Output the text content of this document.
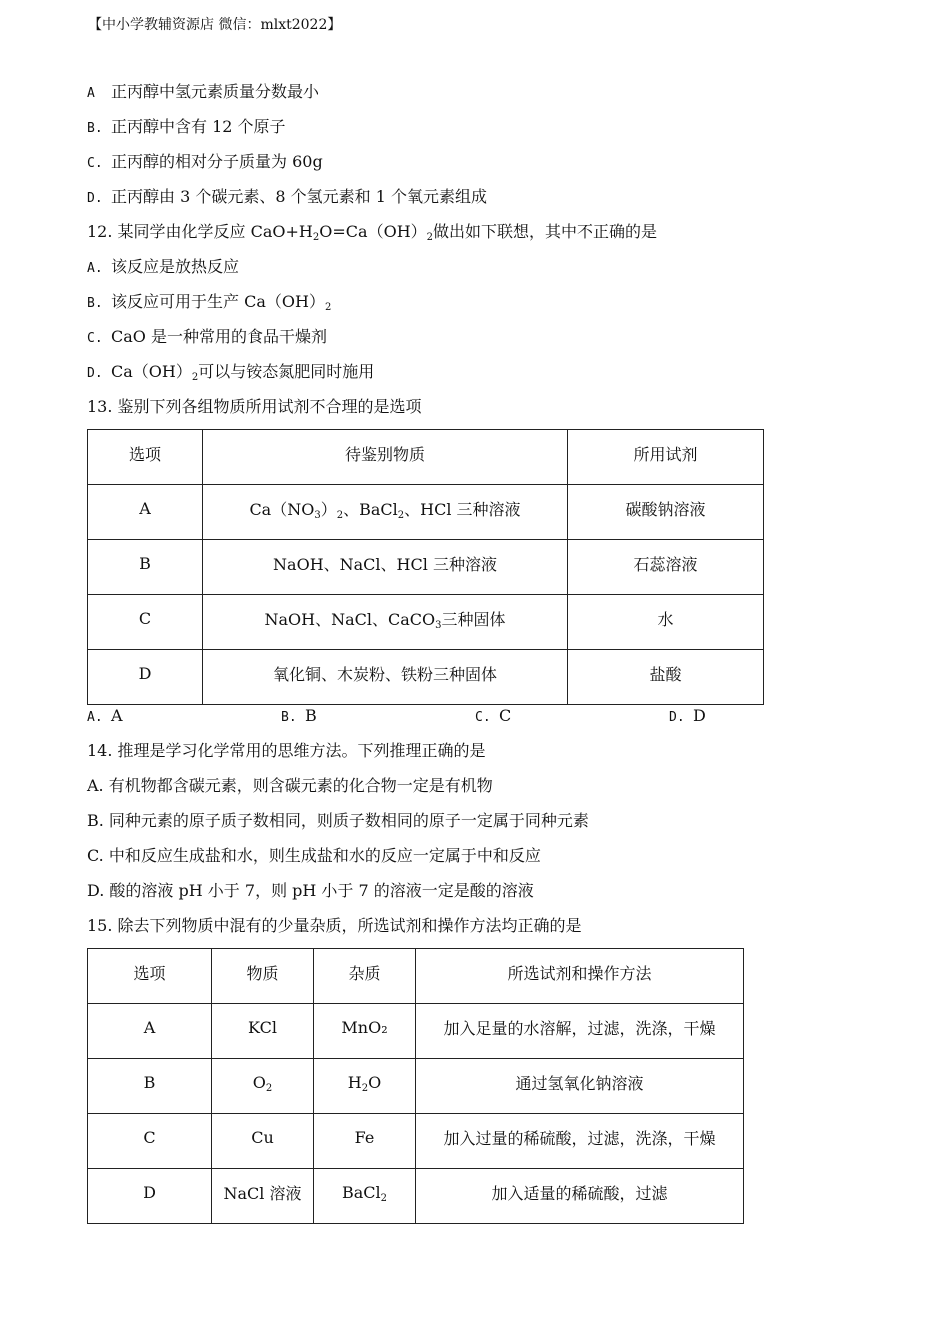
【中小学教辅资源店 微信：mlxt2022】
A 正丙醇中氢元素质量分数最小
B. 正丙醇中含有 12 个原子
C. 正丙醇的相对分子质量为 60g
D. 正丙醇由 3 个碳元素、8 个氢元素和 1 个氧元素组成
12. 某同学由化学反应 $CaO+H_2O=Ca(OH)_2$做出如下联想，其中不正确的是
A. 该反应是放热反应
B. 该反应可用于生产 $Ca(OH)_2$
C. CaO 是一种常用的食品干燥剂
D. $Ca(OH)_2$可以与铵态氮肥同时施用
13. 鉴别下列各组物质所用试剂不合理的是选项
选项	待鉴别物质	所用试剂
A	$Ca(NO_3)_2$、BaCl$_2$、HCl 三种溶液	碳酸钠溶液
B	NaOH、NaCl、HCl 三种溶液	石蕊溶液
C	NaOH、NaCl、CaCO$_3$三种固体	水
D	氧化铜、木炭粉、铁粉三种固体	盐酸
A. A	B. B	C. C	D. D
14. 推理是学习化学常用的思维方法。下列推理正确的是
A. 有机物都含碳元素，则含碳元素的化合物一定是有机物
B. 同种元素的原子质子数相同，则质子数相同的原子一定属于同种元素
C. 中和反应生成盐和水，则生成盐和水的反应一定属于中和反应
D. 酸的溶液 pH 小于 7，则 pH 小于 7 的溶液一定是酸的溶液
15. 除去下列物质中混有的少量杂质，所选试剂和操作方法均正确的是
选项	物质	杂质	所选试剂和操作方法
A	KCl	MnO₂	加入足量的水溶解，过滤，洗涤，干燥
B	$O_2$	$H_2O$	通过氢氧化钠溶液
C	Cu	Fe	加入过量的稀硫酸，过滤，洗涤，干燥
D	NaCl 溶液	BaCl$_2$	加入适量的稀硫酸，过滤
